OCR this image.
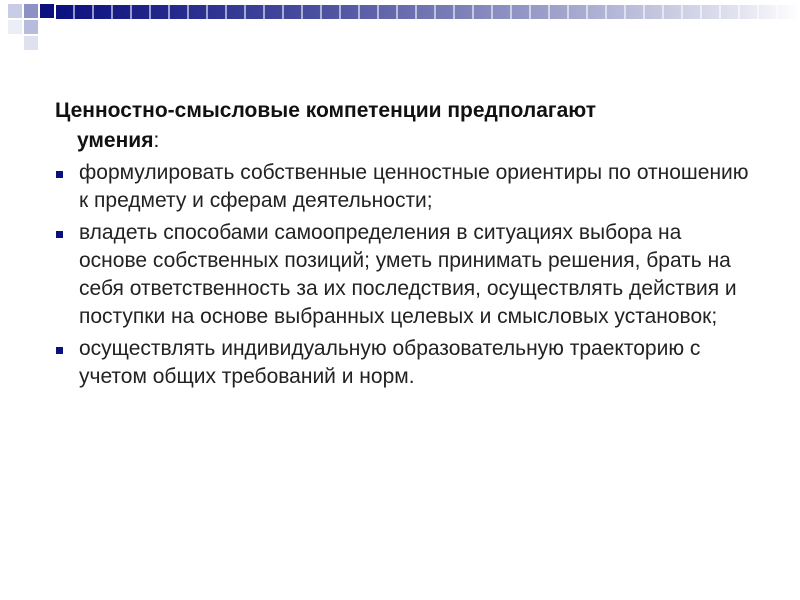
Ценностно-смысловые компетенции предполагают
умения:

формулировать собственные ценностные ориентиры по отношению к предмету и сферам деятельности;
владеть способами самоопределения в ситуациях выбора на основе собственных позиций; уметь принимать решения, брать на себя ответственность за их последствия, осуществлять действия и поступки на основе выбранных целевых и смысловых установок;
осуществлять индивидуальную образовательную траекторию с учетом общих требований и норм.
